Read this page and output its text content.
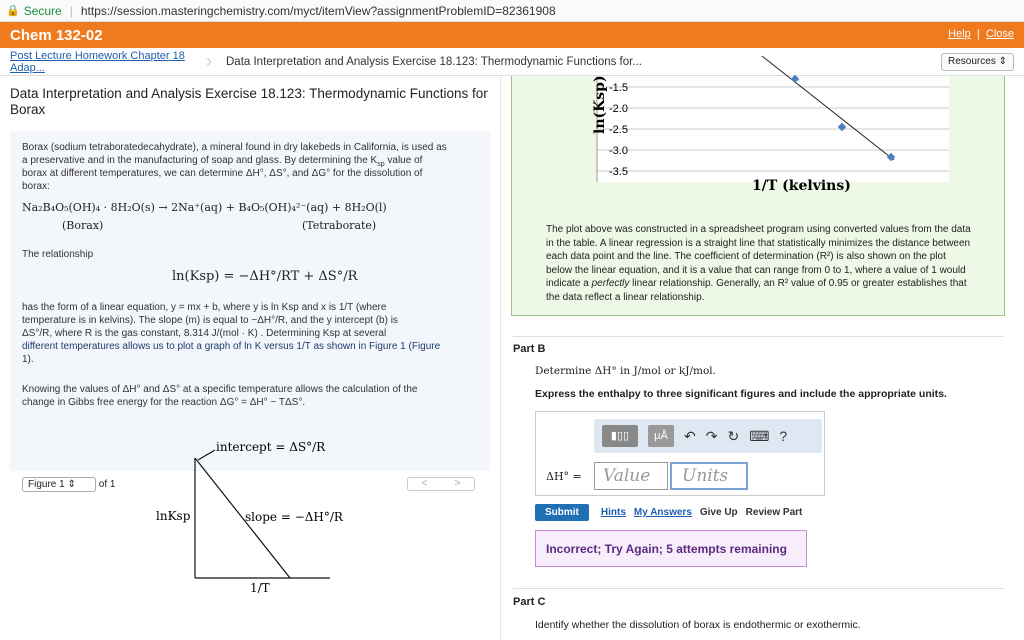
🔒 Secure | https://session.masteringchemistry.com/myct/itemView?assignmentProblemID=82361908
Chem 132-02	Help  |  Close
Post Lecture Homework Chapter 18 Adap...	› Data Interpretation and Analysis Exercise 18.123: Thermodynamic Functions for...	Resources ⇕
Data Interpretation and Analysis Exercise 18.123: Thermodynamic Functions for
Borax

Borax (sodium tetraboratedecahydrate), a mineral found in dry lakebeds in California, is used as

a preservative and in the manufacturing of soap and glass. By determining the $K_{sp}$ value of

borax at different temperatures, we can determine ΔH°, ΔS°, and ΔG° for the dissolution of

borax:

Na₂B₄O₅(OH)₄ · 8H₂O(s) → 2Na⁺(aq) + B₄O₅(OH)₄²⁻(aq) + 8H₂O(l)
(Borax)	(Tetraborate)

The relationship

ln(Ksp) = −ΔH°/RT + ΔS°/R

has the form of a linear equation, y = mx + b, where y is ln Ksp and x is 1/T (where

temperature is in kelvins). The slope (m) is equal to −ΔH°/R, and the y intercept (b) is

ΔS°/R, where R is the gas constant, 8.314 J/(mol · K) . Determining Ksp at several

different temperatures allows us to plot a graph of ln K versus 1/T as shown in Figure 1 (Figure

1).

Knowing the values of ΔH° and ΔS° at a specific temperature allows the calculation of the

change in Gibbs free energy for the reaction ΔG° = ΔH° − TΔS°.

Figure 1 ⇕
	of 1	<	>
intercept = ΔS°/R
slope = −ΔH°/R
lnKsp
1/T
-1.5
-2.0
-2.5
-3.0
-3.5
ln(Ksp)
1/T (kelvins)
The plot above was constructed in a spreadsheet program using converted values from the data
in the table. A linear regression is a straight line that statistically minimizes the distance between
each data point and the line. The coefficient of determination (R²) is also shown on the plot
below the linear equation, and it is a value that can range from 0 to 1, where a value of 1 would
indicate a perfectly linear relationship. Generally, an R² value of 0.95 or greater establishes that
the data reflect a linear relationship.
Part B
Determine ΔH° in J/mol or kJ/mol.
Express the enthalpy to three significant figures and include the appropriate units.
▮▯▯	μÅ	↶ ↷ ↻ ⌨ ?
ΔH° =	Value	Units
Submit	Hints My Answers Give Up Review Part
Incorrect; Try Again; 5 attempts remaining
Part C
Identify whether the dissolution of borax is endothermic or exothermic.
